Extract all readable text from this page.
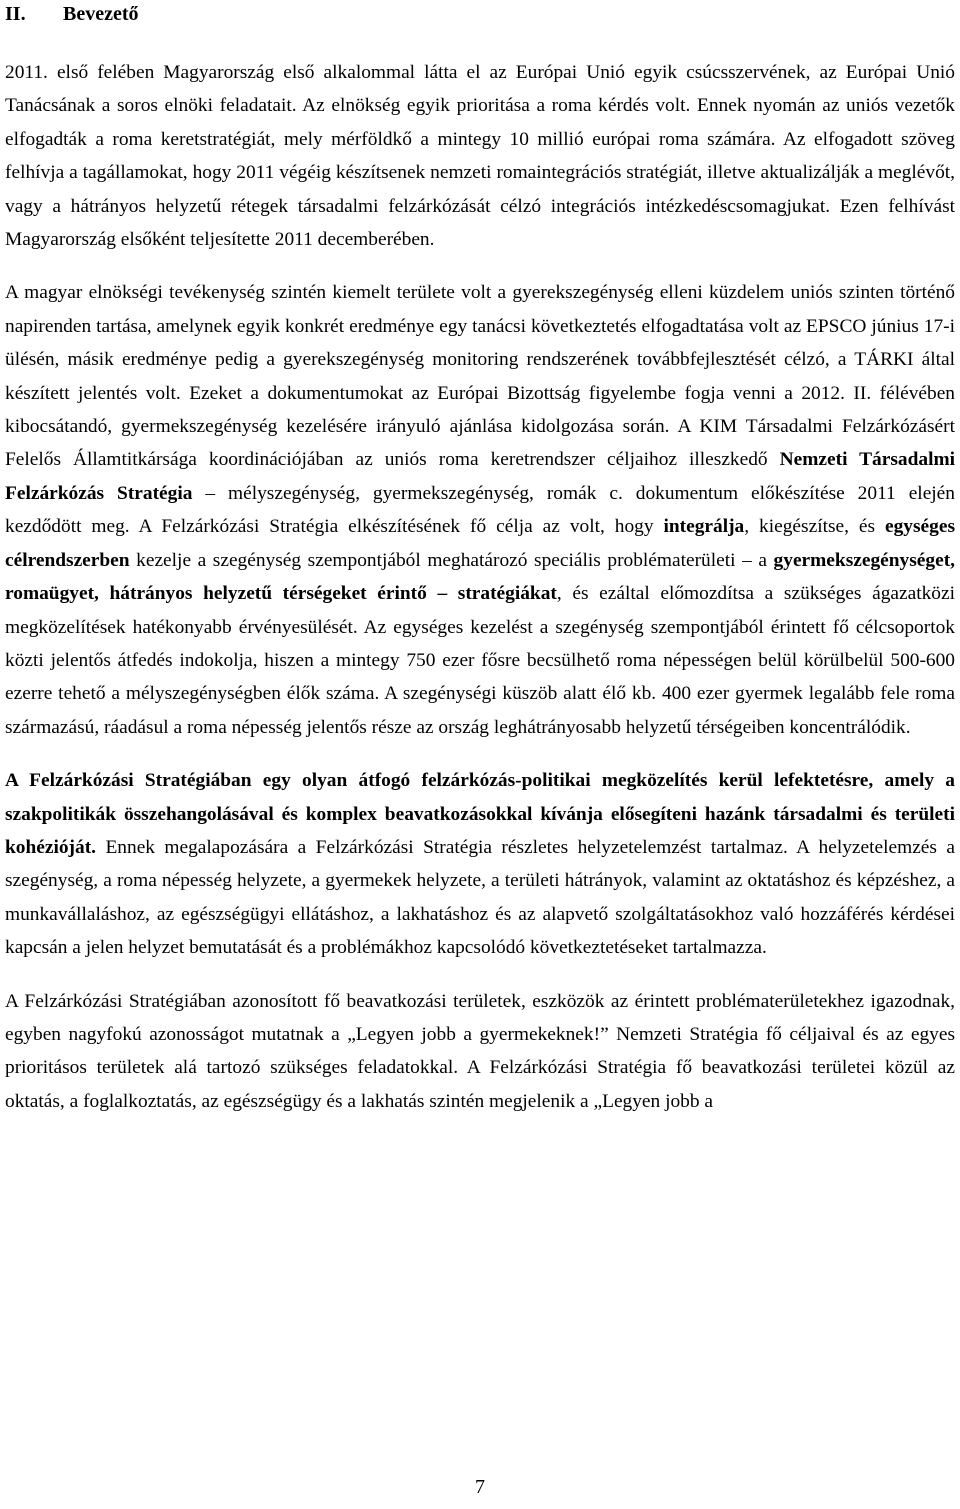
II. Bevezető

2011. első felében Magyarország első alkalommal látta el az Európai Unió egyik csúcsszervének, az Európai Unió Tanácsának a soros elnöki feladatait. Az elnökség egyik prioritása a roma kérdés volt. Ennek nyomán az uniós vezetők elfogadták a roma keretstratégiát, mely mérföldkő a mintegy 10 millió európai roma számára. Az elfogadott szöveg felhívja a tagállamokat, hogy 2011 végéig készítsenek nemzeti romaintegrációs stratégiát, illetve aktualizálják a meglévőt, vagy a hátrányos helyzetű rétegek társadalmi felzárkózását célzó integrációs intézkedéscsomagjukat. Ezen felhívást Magyarország elsőként teljesítette 2011 decemberében.

A magyar elnökségi tevékenység szintén kiemelt területe volt a gyerekszegénység elleni küzdelem uniós szinten történő napirenden tartása, amelynek egyik konkrét eredménye egy tanácsi következtetés elfogadtatása volt az EPSCO június 17-i ülésén, másik eredménye pedig a gyerekszegénység monitoring rendszerének továbbfejlesztését célzó, a TÁRKI által készített jelentés volt. Ezeket a dokumentumokat az Európai Bizottság figyelembe fogja venni a 2012. II. félévében kibocsátandó, gyermekszegénység kezelésére irányuló ajánlása kidolgozása során. A KIM Társadalmi Felzárkózásért Felelős Államtitkársága koordinációjában az uniós roma keretrendszer céljaihoz illeszkedő Nemzeti Társadalmi Felzárkózás Stratégia – mélyszegénység, gyermekszegénység, romák c. dokumentum előkészítése 2011 elején kezdődött meg. A Felzárkózási Stratégia elkészítésének fő célja az volt, hogy integrálja, kiegészítse, és egységes célrendszerben kezelje a szegénység szempontjából meghatározó speciális problématerületi – a gyermekszegénységet, romaügyet, hátrányos helyzetű térségeket érintő – stratégiákat, és ezáltal előmozdítsa a szükséges ágazatközi megközelítések hatékonyabb érvényesülését. Az egységes kezelést a szegénység szempontjából érintett fő célcsoportok közti jelentős átfedés indokolja, hiszen a mintegy 750 ezer fősre becsülhető roma népességen belül körülbelül 500-600 ezerre tehető a mélyszegénységben élők száma. A szegénységi küszöb alatt élő kb. 400 ezer gyermek legalább fele roma származású, ráadásul a roma népesség jelentős része az ország leghátrányosabb helyzetű térségeiben koncentrálódik.

A Felzárkózási Stratégiában egy olyan átfogó felzárkózás-politikai megközelítés kerül lefektetésre, amely a szakpolitikák összehangolásával és komplex beavatkozásokkal kívánja elősegíteni hazánk társadalmi és területi kohézióját. Ennek megalapozására a Felzárkózási Stratégia részletes helyzetelemzést tartalmaz. A helyzetelemzés a szegénység, a roma népesség helyzete, a gyermekek helyzete, a területi hátrányok, valamint az oktatáshoz és képzéshez, a munkavállaláshoz, az egészségügyi ellátáshoz, a lakhatáshoz és az alapvető szolgáltatásokhoz való hozzáférés kérdései kapcsán a jelen helyzet bemutatását és a problémákhoz kapcsolódó következtetéseket tartalmazza.

A Felzárkózási Stratégiában azonosított fő beavatkozási területek, eszközök az érintett problématerületekhez igazodnak, egyben nagyfokú azonosságot mutatnak a „Legyen jobb a gyermekeknek!” Nemzeti Stratégia fő céljaival és az egyes prioritásos területek alá tartozó szükséges feladatokkal. A Felzárkózási Stratégia fő beavatkozási területei közül az oktatás, a foglalkoztatás, az egészségügy és a lakhatás szintén megjelenik a „Legyen jobb a

7
